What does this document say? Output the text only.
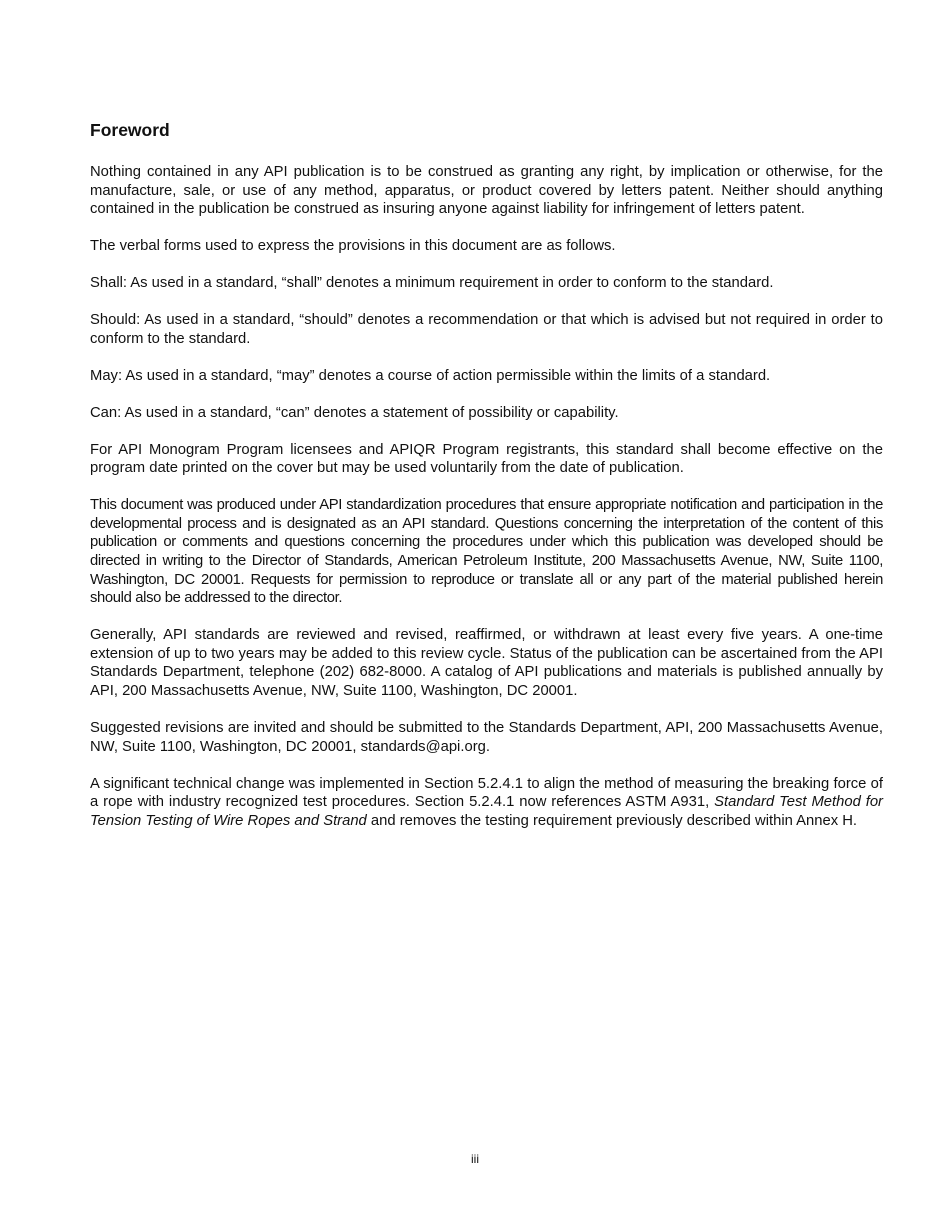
Foreword

Nothing contained in any API publication is to be construed as granting any right, by implication or otherwise, for the manufacture, sale, or use of any method, apparatus, or product covered by letters patent. Neither should anything contained in the publication be construed as insuring anyone against liability for infringement of letters patent.

The verbal forms used to express the provisions in this document are as follows.

Shall: As used in a standard, “shall” denotes a minimum requirement in order to conform to the standard.

Should: As used in a standard, “should” denotes a recommendation or that which is advised but not required in order to conform to the standard.

May: As used in a standard, “may” denotes a course of action permissible within the limits of a standard.

Can: As used in a standard, “can” denotes a statement of possibility or capability.

For API Monogram Program licensees and APIQR Program registrants, this standard shall become effective on the program date printed on the cover but may be used voluntarily from the date of publication.

This document was produced under API standardization procedures that ensure appropriate notification and participation in the developmental process and is designated as an API standard. Questions concerning the interpretation of the content of this publication or comments and questions concerning the procedures under which this publication was developed should be directed in writing to the Director of Standards, American Petroleum Institute, 200 Massachusetts Avenue, NW, Suite 1100, Washington, DC 20001. Requests for permission to reproduce or translate all or any part of the material published herein should also be addressed to the director.

Generally, API standards are reviewed and revised, reaffirmed, or withdrawn at least every five years. A one-time extension of up to two years may be added to this review cycle. Status of the publication can be ascertained from the API Standards Department, telephone (202) 682-8000. A catalog of API publications and materials is published annually by API, 200 Massachusetts Avenue, NW, Suite 1100, Washington, DC 20001.

Suggested revisions are invited and should be submitted to the Standards Department, API, 200 Massachusetts Avenue, NW, Suite 1100, Washington, DC 20001, standards@api.org.

A significant technical change was implemented in Section 5.2.4.1 to align the method of measuring the breaking force of a rope with industry recognized test procedures. Section 5.2.4.1 now references ASTM A931, Standard Test Method for Tension Testing of Wire Ropes and Strand and removes the testing requirement previously described within Annex H.

iii
